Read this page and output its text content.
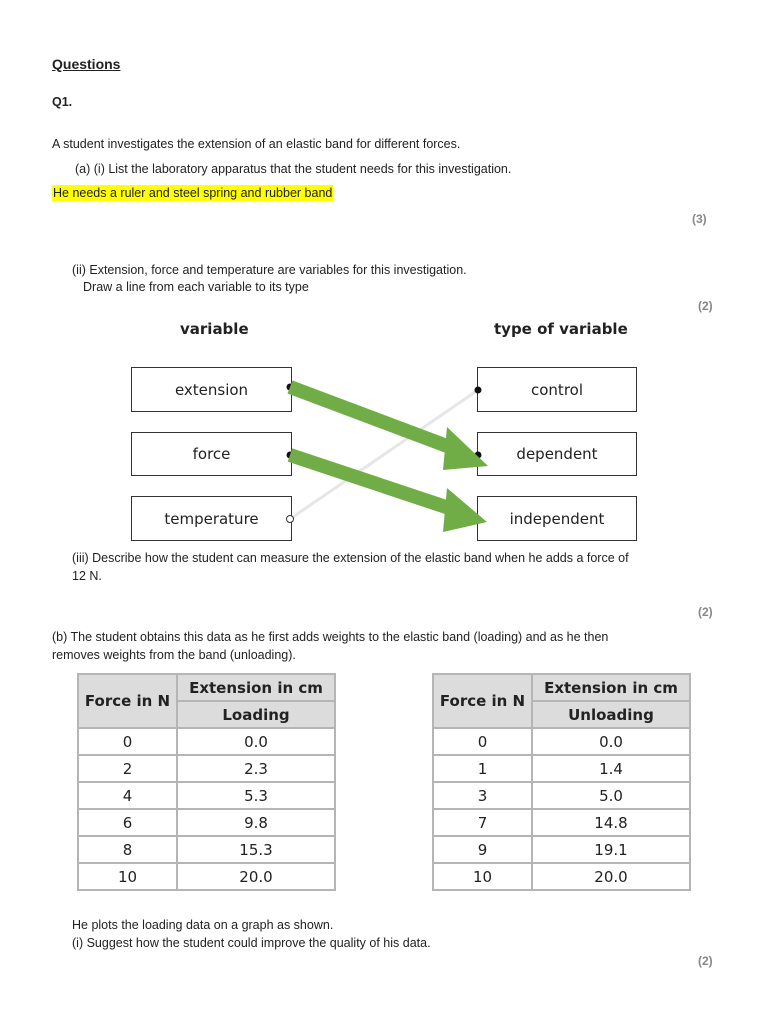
Questions
Q1.
A student investigates the extension of an elastic band for different forces.
(a) (i) List the laboratory apparatus that the student needs for this investigation.
He needs a ruler and steel spring and rubber band
(3)
(ii) Extension, force and temperature are variables for this investigation.
Draw a line from each variable to its type
(2)
variable	type of variable
extension
force
temperature
control
dependent
independent
(iii) Describe how the student can measure the extension of the elastic band when he adds a force of
12 N.
(2)
(b) The student obtains this data as he first adds weights to the elastic band (loading) and as he then
removes weights from the band (unloading).
Force in N	Extension in cm
	Loading
0	0.0
2	2.3
4	5.3
6	9.8
8	15.3
10	20.0
Force in N	Extension in cm
	Unloading
0	0.0
1	1.4
3	5.0
7	14.8
9	19.1
10	20.0
He plots the loading data on a graph as shown.
(i) Suggest how the student could improve the quality of his data.
(2)
